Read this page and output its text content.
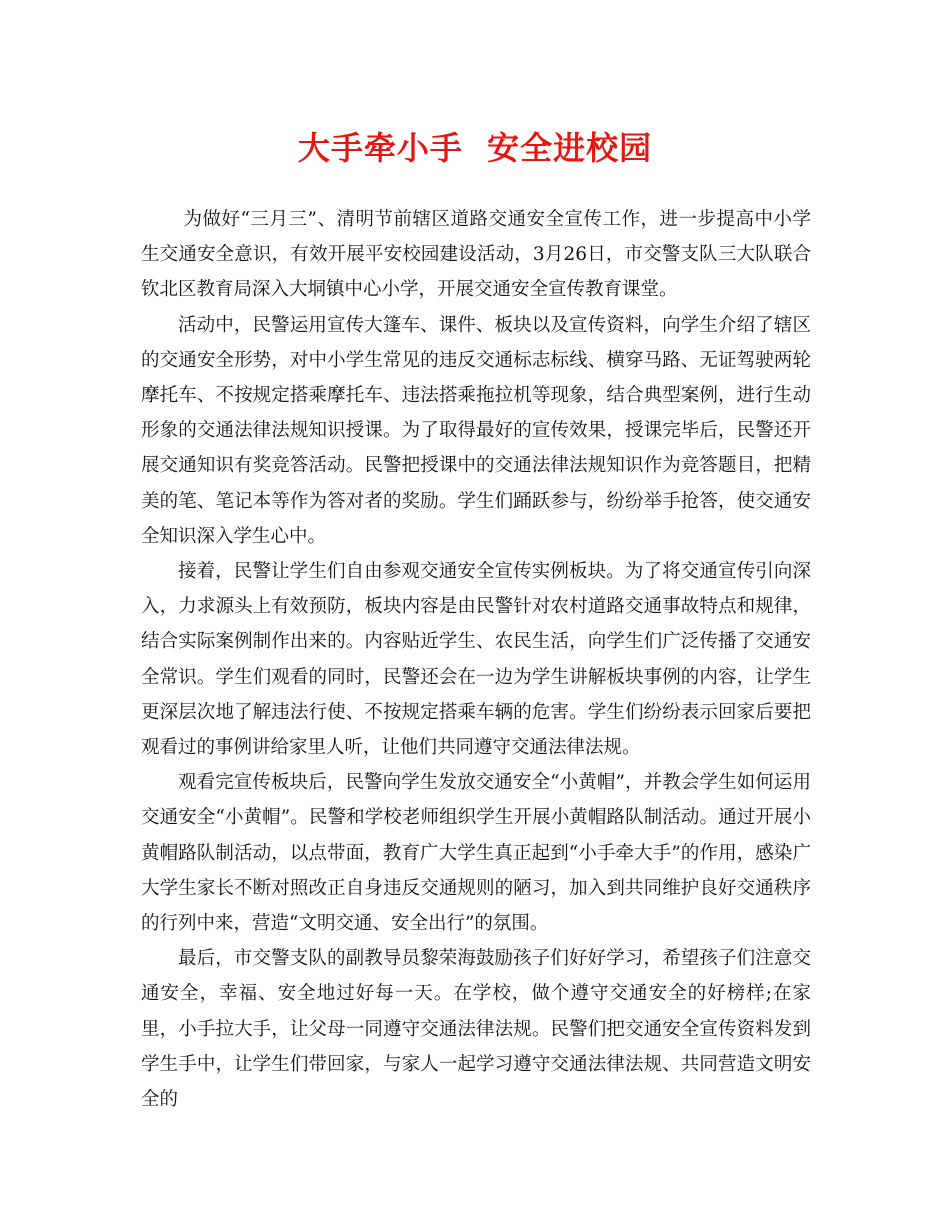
大手牵小手  安全进校园

为做好“三月三”、清明节前辖区道路交通安全宣传工作，进一步提高中小学生交通安全意识，有效开展平安校园建设活动，3月26日，市交警支队三大队联合钦北区教育局深入大垌镇中心小学，开展交通安全宣传教育课堂。

活动中，民警运用宣传大篷车、课件、板块以及宣传资料，向学生介绍了辖区的交通安全形势，对中小学生常见的违反交通标志标线、横穿马路、无证驾驶两轮摩托车、不按规定搭乘摩托车、违法搭乘拖拉机等现象，结合典型案例，进行生动形象的交通法律法规知识授课。为了取得最好的宣传效果，授课完毕后，民警还开展交通知识有奖竞答活动。民警把授课中的交通法律法规知识作为竞答题目，把精美的笔、笔记本等作为答对者的奖励。学生们踊跃参与，纷纷举手抢答，使交通安全知识深入学生心中。

接着，民警让学生们自由参观交通安全宣传实例板块。为了将交通宣传引向深入，力求源头上有效预防，板块内容是由民警针对农村道路交通事故特点和规律，结合实际案例制作出来的。内容贴近学生、农民生活，向学生们广泛传播了交通安全常识。学生们观看的同时，民警还会在一边为学生讲解板块事例的内容，让学生更深层次地了解违法行使、不按规定搭乘车辆的危害。学生们纷纷表示回家后要把观看过的事例讲给家里人听，让他们共同遵守交通法律法规。

观看完宣传板块后，民警向学生发放交通安全“小黄帽”，并教会学生如何运用交通安全“小黄帽”。民警和学校老师组织学生开展小黄帽路队制活动。通过开展小黄帽路队制活动，以点带面，教育广大学生真正起到“小手牵大手”的作用，感染广大学生家长不断对照改正自身违反交通规则的陋习，加入到共同维护良好交通秩序的行列中来，营造“文明交通、安全出行”的氛围。

最后，市交警支队的副教导员黎荣海鼓励孩子们好好学习，希望孩子们注意交通安全，幸福、安全地过好每一天。在学校，做个遵守交通安全的好榜样;在家里，小手拉大手，让父母一同遵守交通法律法规。民警们把交通安全宣传资料发到学生手中，让学生们带回家，与家人一起学习遵守交通法律法规、共同营造文明安全的
